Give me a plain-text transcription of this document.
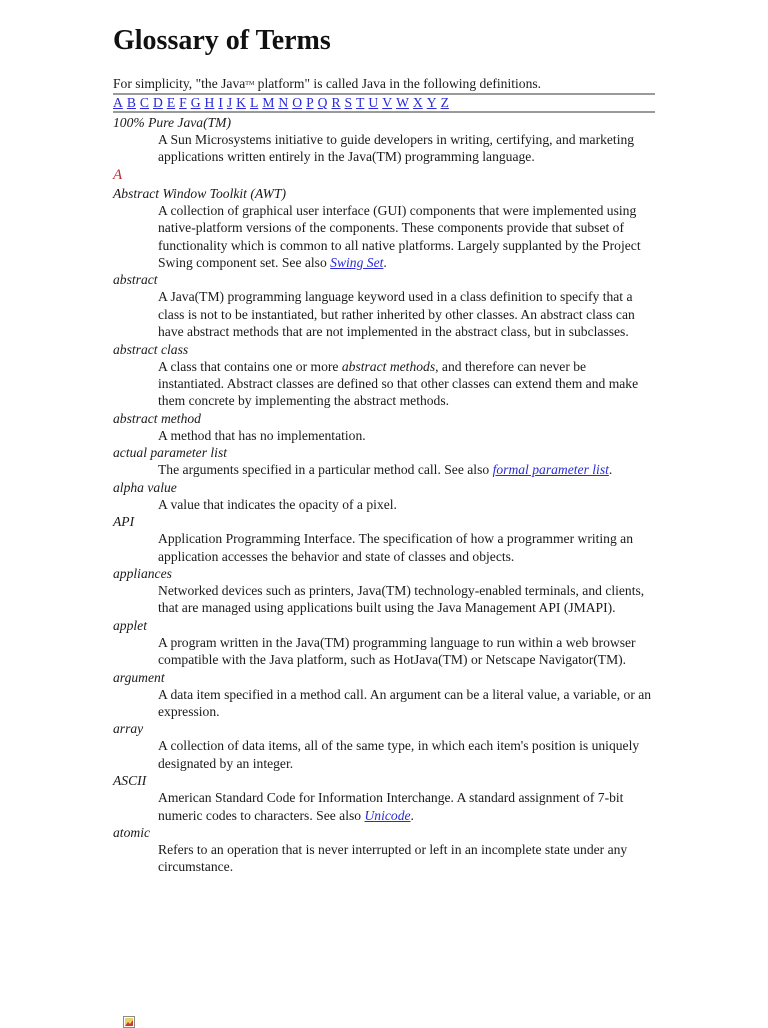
Glossary of Terms
For simplicity, "the Java™ platform" is called Java in the following definitions.
A B C D E F G H I J K L M N O P Q R S T U V W X Y Z
100% Pure Java(TM)
A Sun Microsystems initiative to guide developers in writing, certifying, and marketing applications written entirely in the Java(TM) programming language.
A
Abstract Window Toolkit (AWT)
A collection of graphical user interface (GUI) components that were implemented using native-platform versions of the components. These components provide that subset of functionality which is common to all native platforms. Largely supplanted by the Project Swing component set. See also Swing Set.
abstract
A Java(TM) programming language keyword used in a class definition to specify that a class is not to be instantiated, but rather inherited by other classes. An abstract class can have abstract methods that are not implemented in the abstract class, but in subclasses.
abstract class
A class that contains one or more abstract methods, and therefore can never be instantiated. Abstract classes are defined so that other classes can extend them and make them concrete by implementing the abstract methods.
abstract method
A method that has no implementation.
actual parameter list
The arguments specified in a particular method call. See also formal parameter list.
alpha value
A value that indicates the opacity of a pixel.
API
Application Programming Interface. The specification of how a programmer writing an application accesses the behavior and state of classes and objects.
appliances
Networked devices such as printers, Java(TM) technology-enabled terminals, and clients, that are managed using applications built using the Java Management API (JMAPI).
applet
A program written in the Java(TM) programming language to run within a web browser compatible with the Java platform, such as HotJava(TM) or Netscape Navigator(TM).
argument
A data item specified in a method call. An argument can be a literal value, a variable, or an expression.
array
A collection of data items, all of the same type, in which each item's position is uniquely designated by an integer.
ASCII
American Standard Code for Information Interchange. A standard assignment of 7-bit numeric codes to characters. See also Unicode.
atomic
Refers to an operation that is never interrupted or left in an incomplete state under any circumstance.
